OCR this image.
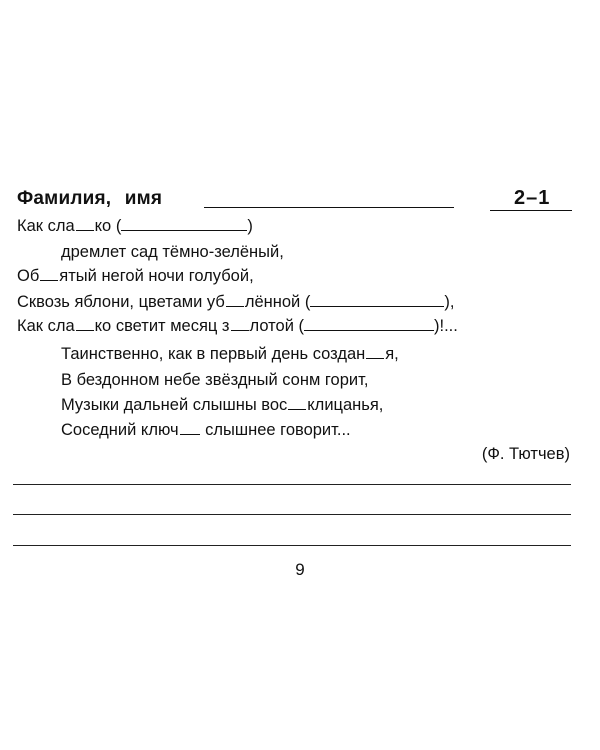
Фамилия, имя	2–1
Как сла ко (	)
дремлет сад тёмно-зелёный,
Об ятый негой ночи голубой,
Сквозь яблони, цветами уб лённой (	),
Как сла ко светит месяц з лотой (	)!...
Таинственно, как в первый день создан я,
В бездонном небе звёздный сонм горит,
Музыки дальней слышны вос клицанья,
Соседний ключ слышнее говорит...
(Ф. Тютчев)
9
